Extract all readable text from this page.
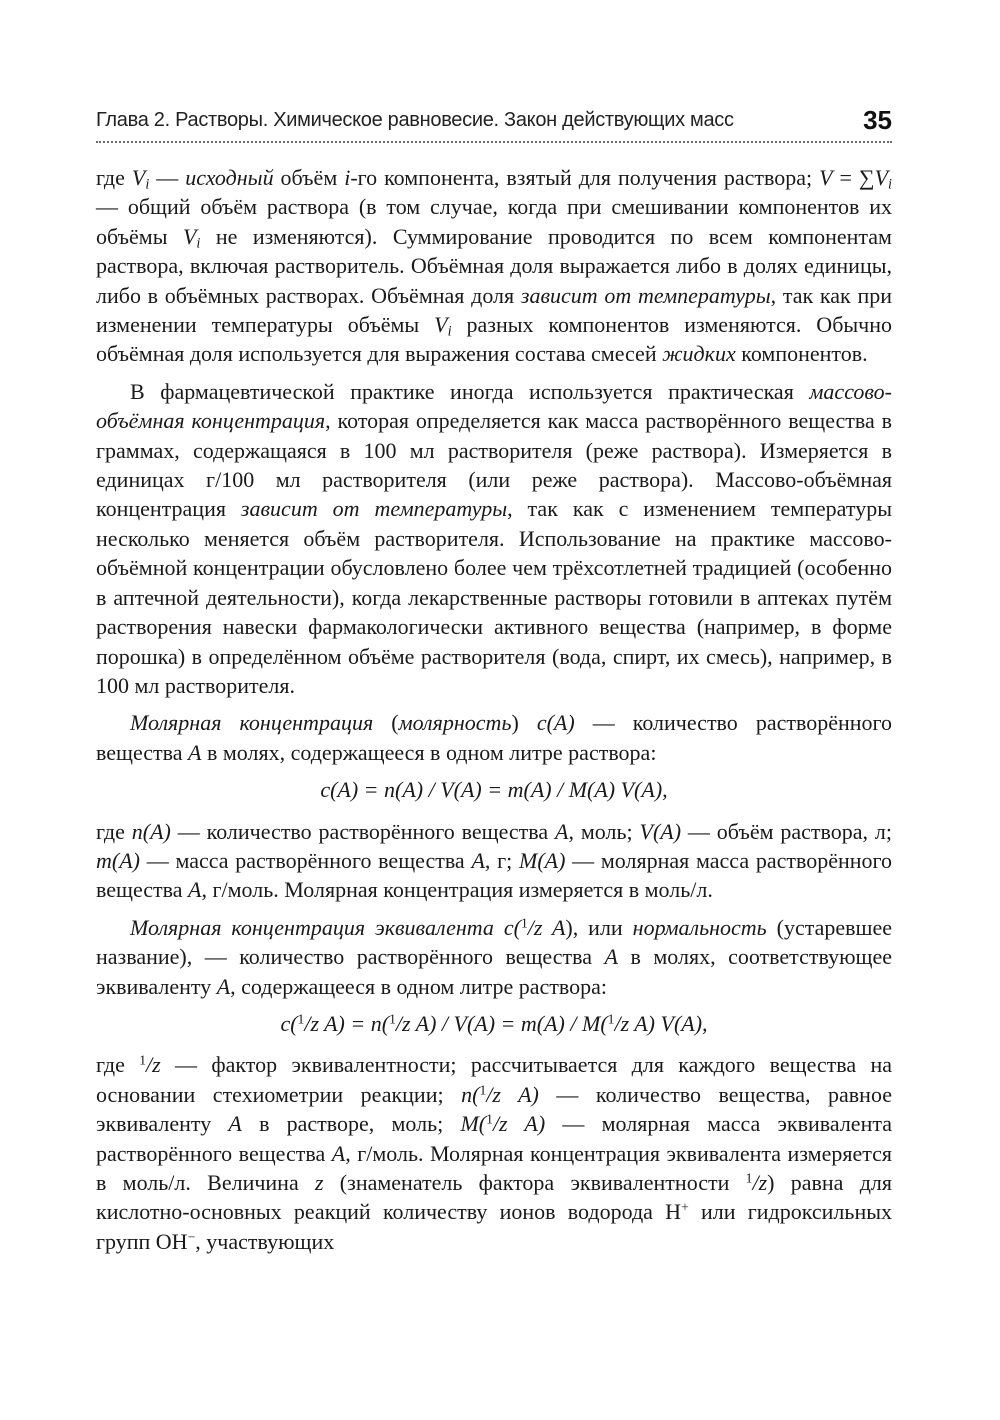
Глава 2. Растворы. Химическое равновесие. Закон действующих масс	35

где $V_i$ — исходный объём i-го компонента, взятый для получения раствора; $V = \sum V_i$ — общий объём раствора (в том случае, когда при смешивании компонентов их объёмы $V_i$ не изменяются). Суммирование проводится по всем компонентам раствора, включая растворитель. Объёмная доля выражается либо в долях единицы, либо в объёмных растворах. Объёмная доля зависит от температуры, так как при изменении температуры объёмы $V_i$ разных компонентов изменяются. Обычно объёмная доля используется для выражения состава смесей жидких компонентов.

В фармацевтической практике иногда используется практическая массово-объёмная концентрация, которая определяется как масса растворённого вещества в граммах, содержащаяся в 100 мл растворителя (реже раствора). Измеряется в единицах г/100 мл растворителя (или реже раствора). Массово-объёмная концентрация зависит от температуры, так как с изменением температуры несколько меняется объём растворителя. Использование на практике массово-объёмной концентрации обусловлено более чем трёхсотлетней традицией (особенно в аптечной деятельности), когда лекарственные растворы готовили в аптеках путём растворения навески фармакологически активного вещества (например, в форме порошка) в определённом объёме растворителя (вода, спирт, их смесь), например, в 100 мл растворителя.

Молярная концентрация (молярность) c(A) — количество растворённого вещества A в молях, содержащееся в одном литре раствора:

c(A) = n(A) / V(A) = m(A) / M(A) V(A),

где n(A) — количество растворённого вещества A, моль; V(A) — объём раствора, л; m(A) — масса растворённого вещества A, г; M(A) — молярная масса растворённого вещества A, г/моль. Молярная концентрация измеряется в моль/л.

Молярная концентрация эквивалента c($^1$/z A), или нормальность (устаревшее название), — количество растворённого вещества A в молях, соответствующее эквиваленту A, содержащееся в одном литре раствора:

c($^1$/z A) = n($^1$/z A) / V(A) = m(A) / M($^1$/z A) V(A),

где $^1$/z — фактор эквивалентности; рассчитывается для каждого вещества на основании стехиометрии реакции; n($^1$/z A) — количество вещества, равное эквиваленту A в растворе, моль; M($^1$/z A) — молярная масса эквивалента растворённого вещества A, г/моль. Молярная концентрация эквивалента измеряется в моль/л. Величина z (знаменатель фактора эквивалентности $^1$/z) равна для кислотно-основных реакций количеству ионов водорода H+ или гидроксильных групп OH−, участвующих
